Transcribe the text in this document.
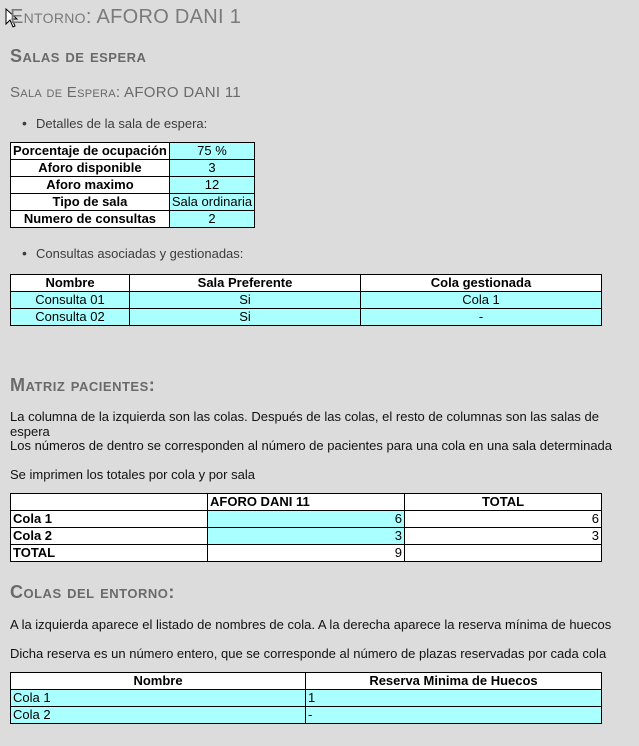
Entorno: AFORO DANI 1
Salas de espera
Sala de Espera: AFORO DANI 11
• Detalles de la sala de espera:
Porcentaje de ocupación	75 %
Aforo disponible	3
Aforo maximo	12
Tipo de sala	Sala ordinaria
Numero de consultas	2
• Consultas asociadas y gestionadas:
Nombre	Sala Preferente	Cola gestionada
Consulta 01	Si	Cola 1
Consulta 02	Si	-
Matriz pacientes:

La columna de la izquierda son las colas. Después de las colas, el resto de columnas son las salas de espera

Los números de dentro se corresponden al número de pacientes para una cola en una sala determinada

Se imprimen los totales por cola y por sala

	AFORO DANI 11	TOTAL
Cola 1	6	6
Cola 2	3	3
TOTAL	9	
Colas del entorno:

A la izquierda aparece el listado de nombres de cola. A la derecha aparece la reserva mínima de huecos

Dicha reserva es un número entero, que se corresponde al número de plazas reservadas por cada cola

Nombre	Reserva Minima de Huecos
Cola 1	1
Cola 2	-
